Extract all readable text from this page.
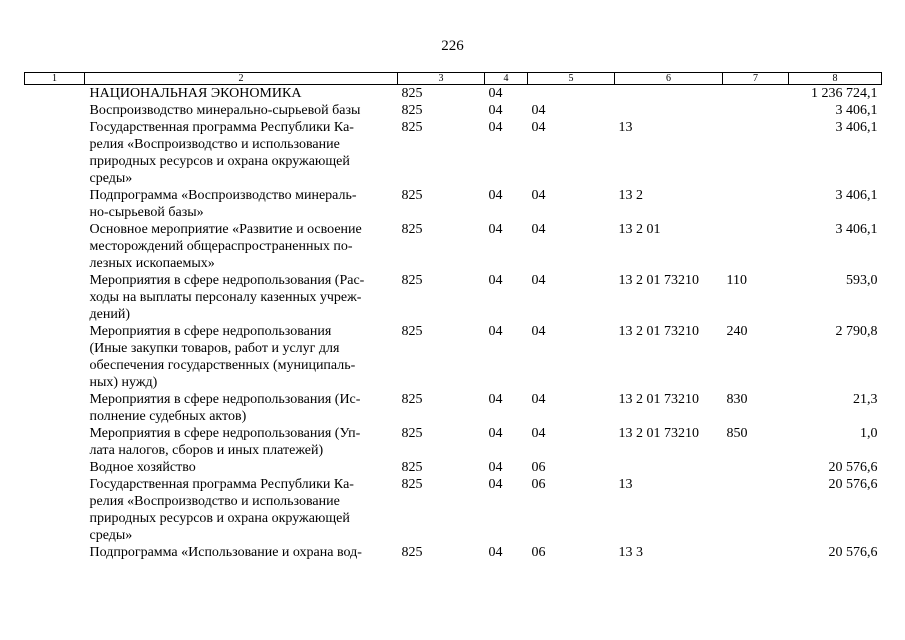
226
1	2	3	4	5	6	7	8

	НАЦИОНАЛЬНАЯ ЭКОНОМИКА	825	04				1 236 724,1

	Воспроизводство минерально-сырьевой базы	825	04	04			3 406,1

	Государственная программа Республики Ка-
релия «Воспроизводство и использование
природных ресурсов и охрана окружающей
среды»	825	04	04	13		3 406,1

	Подпрограмма «Воспроизводство минераль-
но-сырьевой базы»	825	04	04	13 2		3 406,1

	Основное мероприятие «Развитие и освоение
месторождений общераспространенных по-
лезных ископаемых»	825	04	04	13 2 01		3 406,1

	Мероприятия в сфере недропользования (Рас-
ходы на выплаты персоналу казенных учреж-
дений)	825	04	04	13 2 01 73210	110	593,0

	Мероприятия в сфере недропользования
(Иные закупки товаров, работ и услуг для
обеспечения государственных (муниципаль-
ных) нужд)	825	04	04	13 2 01 73210	240	2 790,8

	Мероприятия в сфере недропользования (Ис-
полнение судебных актов)	825	04	04	13 2 01 73210	830	21,3

	Мероприятия в сфере недропользования (Уп-
лата налогов, сборов и иных платежей)	825	04	04	13 2 01 73210	850	1,0

	Водное хозяйство	825	04	06			20 576,6

	Государственная программа Республики Ка-
релия «Воспроизводство и использование
природных ресурсов и охрана окружающей
среды»	825	04	06	13		20 576,6

	Подпрограмма «Использование и охрана вод-	825	04	06	13 3		20 576,6
